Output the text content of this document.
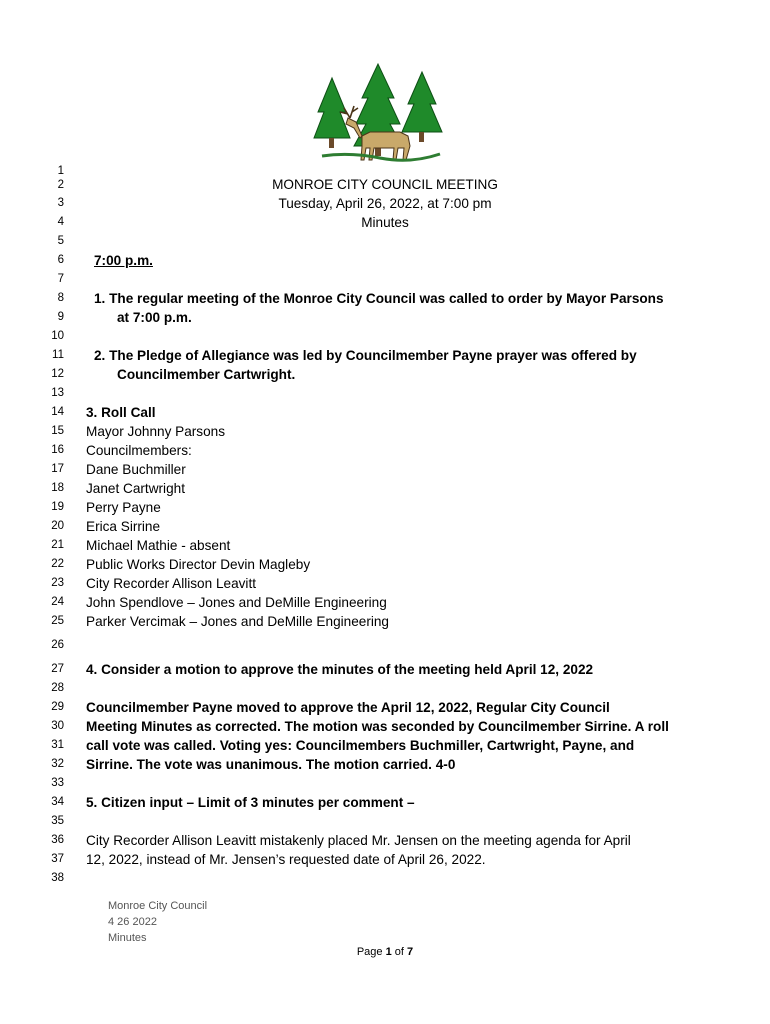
1
2
3
4
5
6
7
8
9
10
11
12
13
14
15
16
17
18
19
20
21
22
23
24
25
26
27
28
29
30
31
32
33
34
35
36
37
38
MONROE CITY COUNCIL MEETING
Tuesday, April 26, 2022, at 7:00 pm
Minutes
7:00 p.m.
1. The regular meeting of the Monroe City Council was called to order by Mayor Parsons
at 7:00 p.m.
2. The Pledge of Allegiance was led by Councilmember Payne prayer was offered by
Councilmember Cartwright.
3. Roll Call
Mayor Johnny Parsons
Councilmembers:
Dane Buchmiller
Janet Cartwright
Perry Payne
Erica Sirrine
Michael Mathie - absent
Public Works Director Devin Magleby
City Recorder Allison Leavitt
John Spendlove – Jones and DeMille Engineering
Parker Vercimak – Jones and DeMille Engineering
4. Consider a motion to approve the minutes of the meeting held April 12, 2022
Councilmember Payne moved to approve the April 12, 2022, Regular City Council
Meeting Minutes as corrected. The motion was seconded by Councilmember Sirrine. A roll
call vote was called. Voting yes: Councilmembers Buchmiller, Cartwright, Payne, and
Sirrine. The vote was unanimous. The motion carried. 4-0
5. Citizen input – Limit of 3 minutes per comment –
City Recorder Allison Leavitt mistakenly placed Mr. Jensen on the meeting agenda for April
12, 2022, instead of Mr. Jensen’s requested date of April 26, 2022.
Monroe City Council
4 26 2022
Minutes
Page 1 of 7
